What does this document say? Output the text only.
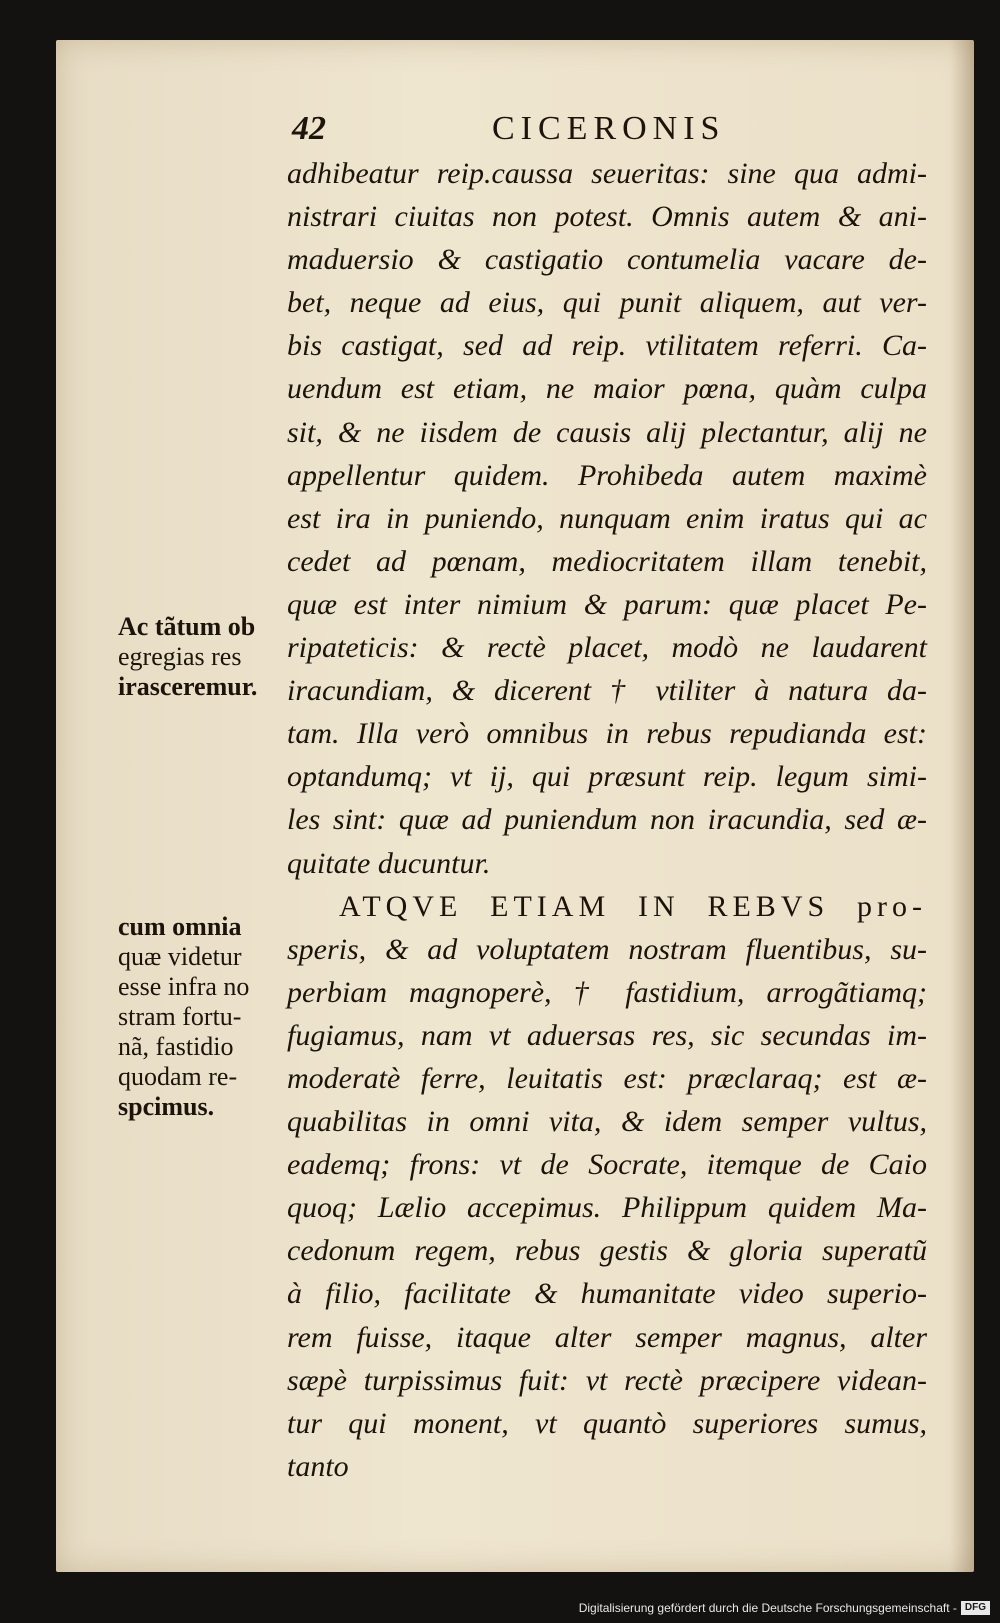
42	CICERONIS
adhibeatur reip.caussa seueritas: sine qua admi-
nistrari ciuitas non potest. Omnis autem & ani-
maduersio & castigatio contumelia vacare de-
bet, neque ad eius, qui punit aliquem, aut ver-
bis castigat, sed ad reip. vtilitatem referri. Ca-
uendum est etiam, ne maior pœna, quàm culpa
sit, & ne iisdem de causis alij plectantur, alij ne
appellentur quidem. Prohibeda autem maximè
est ira in puniendo, nunquam enim iratus qui ac
cedet ad pœnam, mediocritatem illam tenebit,
quæ est inter nimium & parum: quæ placet Pe-
ripateticis: & rectè placet, modò ne laudarent
iracundiam, & dicerent † vtiliter à natura da-
tam. Illa verò omnibus in rebus repudianda est:
optandumq; vt ij, qui præsunt reip. legum simi-
les sint: quæ ad puniendum non iracundia, sed æ-
quitate ducuntur.
ATQVE ETIAM IN REBVS pro-
speris, & ad voluptatem nostram fluentibus, su-
perbiam magnoperè, † fastidium, arrogãtiamq;
fugiamus, nam vt aduersas res, sic secundas im-
moderatè ferre, leuitatis est: præclaraq; est æ-
quabilitas in omni vita, & idem semper vultus,
eademq; frons: vt de Socrate, itemque de Caio
quoq; Lælio accepimus. Philippum quidem Ma-
cedonum regem, rebus gestis & gloria superatũ
à filio, facilitate & humanitate video superio-
rem fuisse, itaque alter semper magnus, alter
sæpè turpissimus fuit: vt rectè præcipere videan-
tur qui monent, vt quantò superiores sumus,
tanto
Ac tãtum ob
egregias res
irasceremur.
cum omnia
quæ videtur
esse infra no
stram fortu-
nã, fastidio
quodam re-
spcimus.
Digitalisierung gefördert durch die Deutsche Forschungsgemeinschaft - DFG
